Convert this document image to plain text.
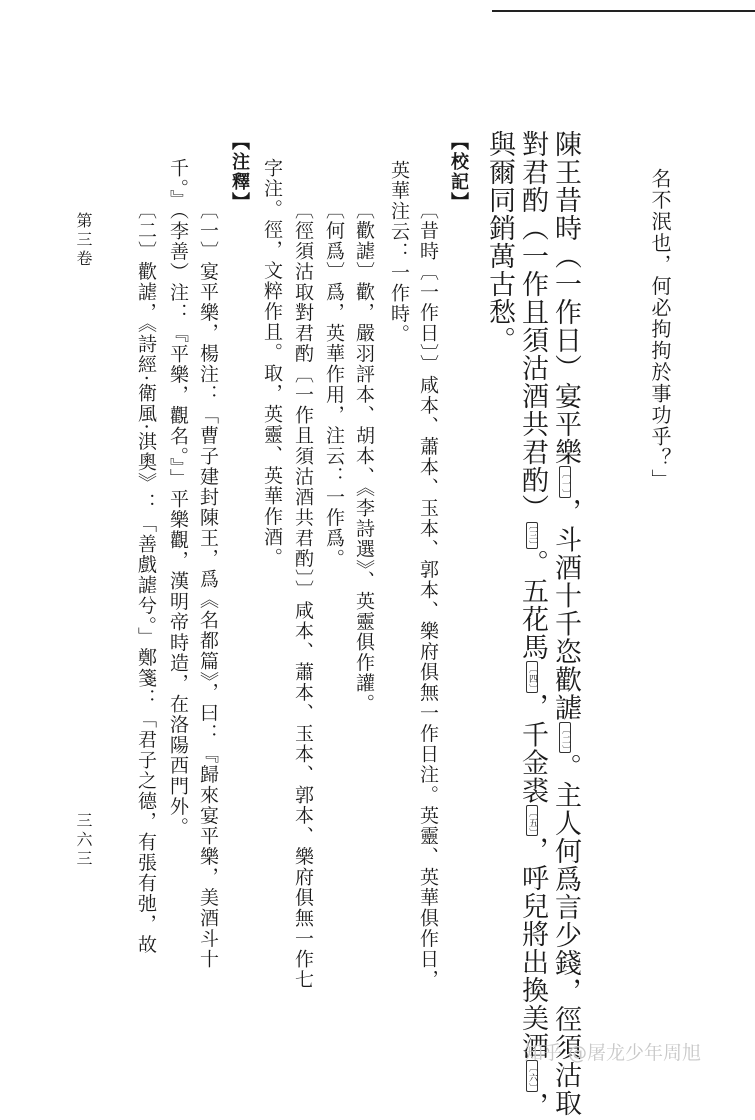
名不泯也，何必拘拘於事功乎？」
陳王昔時（一作日）宴平樂〔一〕，斗酒十千恣歡謔〔二〕。主人何爲言少錢，徑須沽取
對君酌（一作且須沽酒共君酌）〔三〕。五花馬〔四〕，千金裘〔五〕，呼兒將出換美酒〔六〕，
與爾同銷萬古愁。
【校記】
〔昔時〔一作日〕〕咸本、蕭本、玉本、郭本、樂府俱無一作日注。英靈、英華俱作日，
英華注云：一作時。
〔歡謔〕歡，嚴羽評本、胡本、《李詩選》、英靈俱作讙。
〔何爲〕爲，英華作用，注云：一作爲。
〔徑須沽取對君酌〔一作且須沽酒共君酌〕〕咸本、蕭本、玉本、郭本、樂府俱無一作七
字注。徑，文粹作且。取，英靈、英華作酒。
【注釋】
〔一〕宴平樂，楊注：「曹子建封陳王，爲《名都篇》，曰：『歸來宴平樂，美酒斗十
千。』（李善）注：『平樂，觀名。』」平樂觀，漢明帝時造，在洛陽西門外。
〔二〕歡謔，《詩經·衛風·淇奧》：「善戲謔兮。」鄭箋：「君子之德，有張有弛，故
第三卷
三六三
知乎 @屠龙少年周旭
